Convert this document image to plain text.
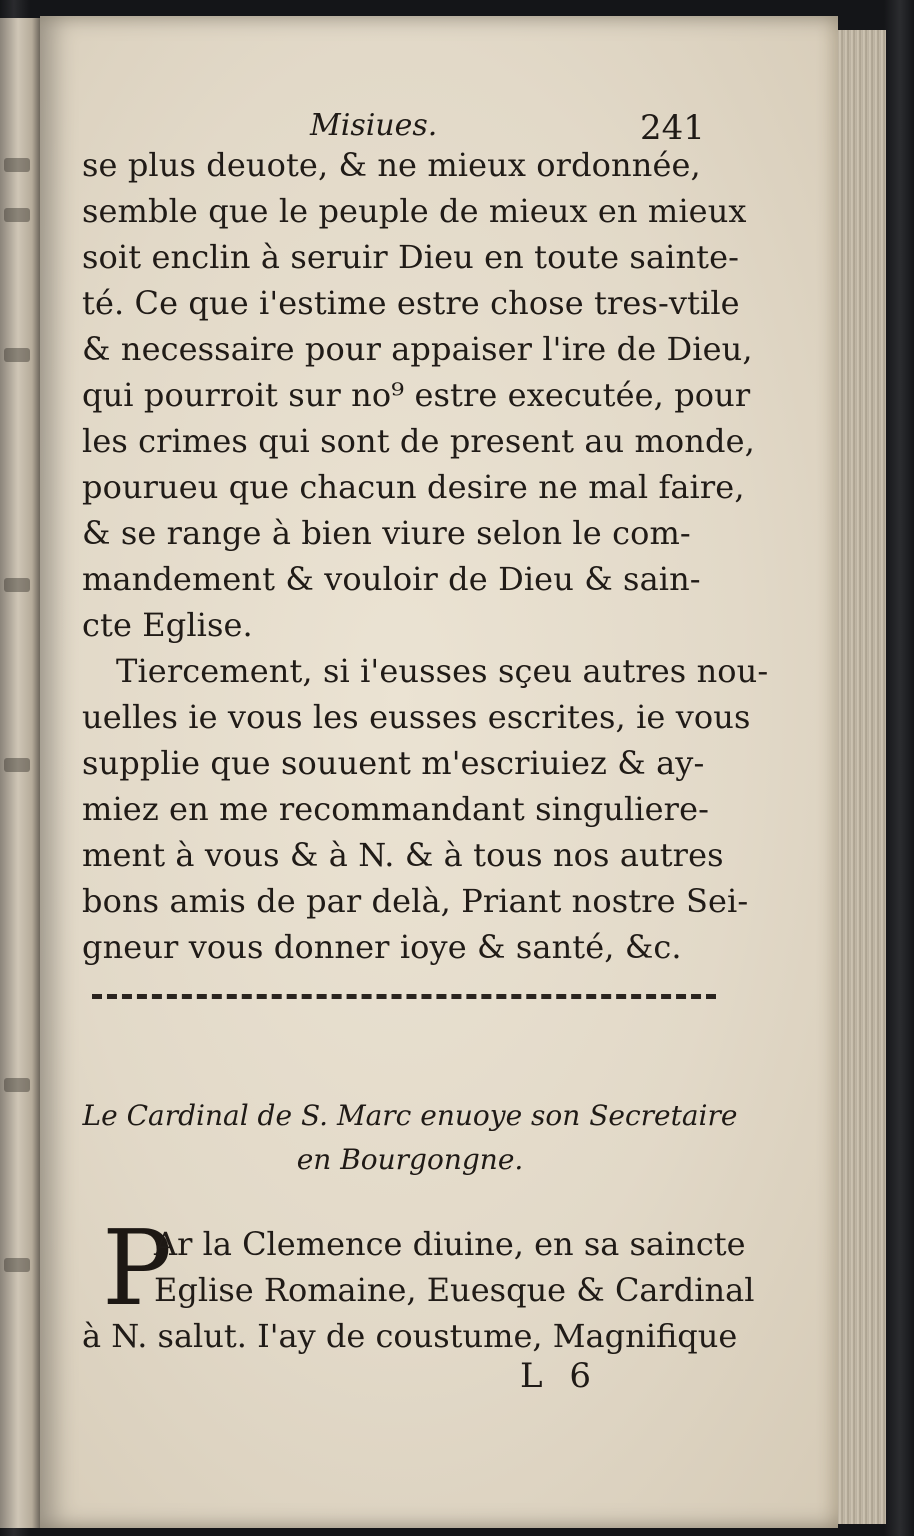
Misiues.	241
se plus deuote, & ne mieux ordonnée,
semble que le peuple de mieux en mieux
soit enclin à seruir Dieu en toute saintе-
té. Ce que i'estime estre chose tres-vtile
& necessaire pour appaiser l'ire de Dieu,
qui pourroit sur no⁹ estre executée, pour
les crimes qui sont de present au monde,
pourueu que chacun desire ne mal faire,
& se range à bien viure selon le com-
mandement & vouloir de Dieu & sain-
cte Eglise.
Tiercement, si i'eusses sçeu autres nou-
uelles ie vous les eusses escrites, ie vous
supplie que souuent m'escriuiez & ay-
miez en me recommandant singuliere-
ment à vous & à N. & à tous nos autres
bons amis de par delà, Priant nostre Sei-
gneur vous donner ioye & santé, &c.
Le Cardinal de S. Marc enuoye son Secretaire
en Bourgongne.
P
Ar la Clemence diuine, en sa saincte
Eglise Romaine, Euesque & Cardinal
à N. salut. I'ay de coustume, Magnifique
L 6
